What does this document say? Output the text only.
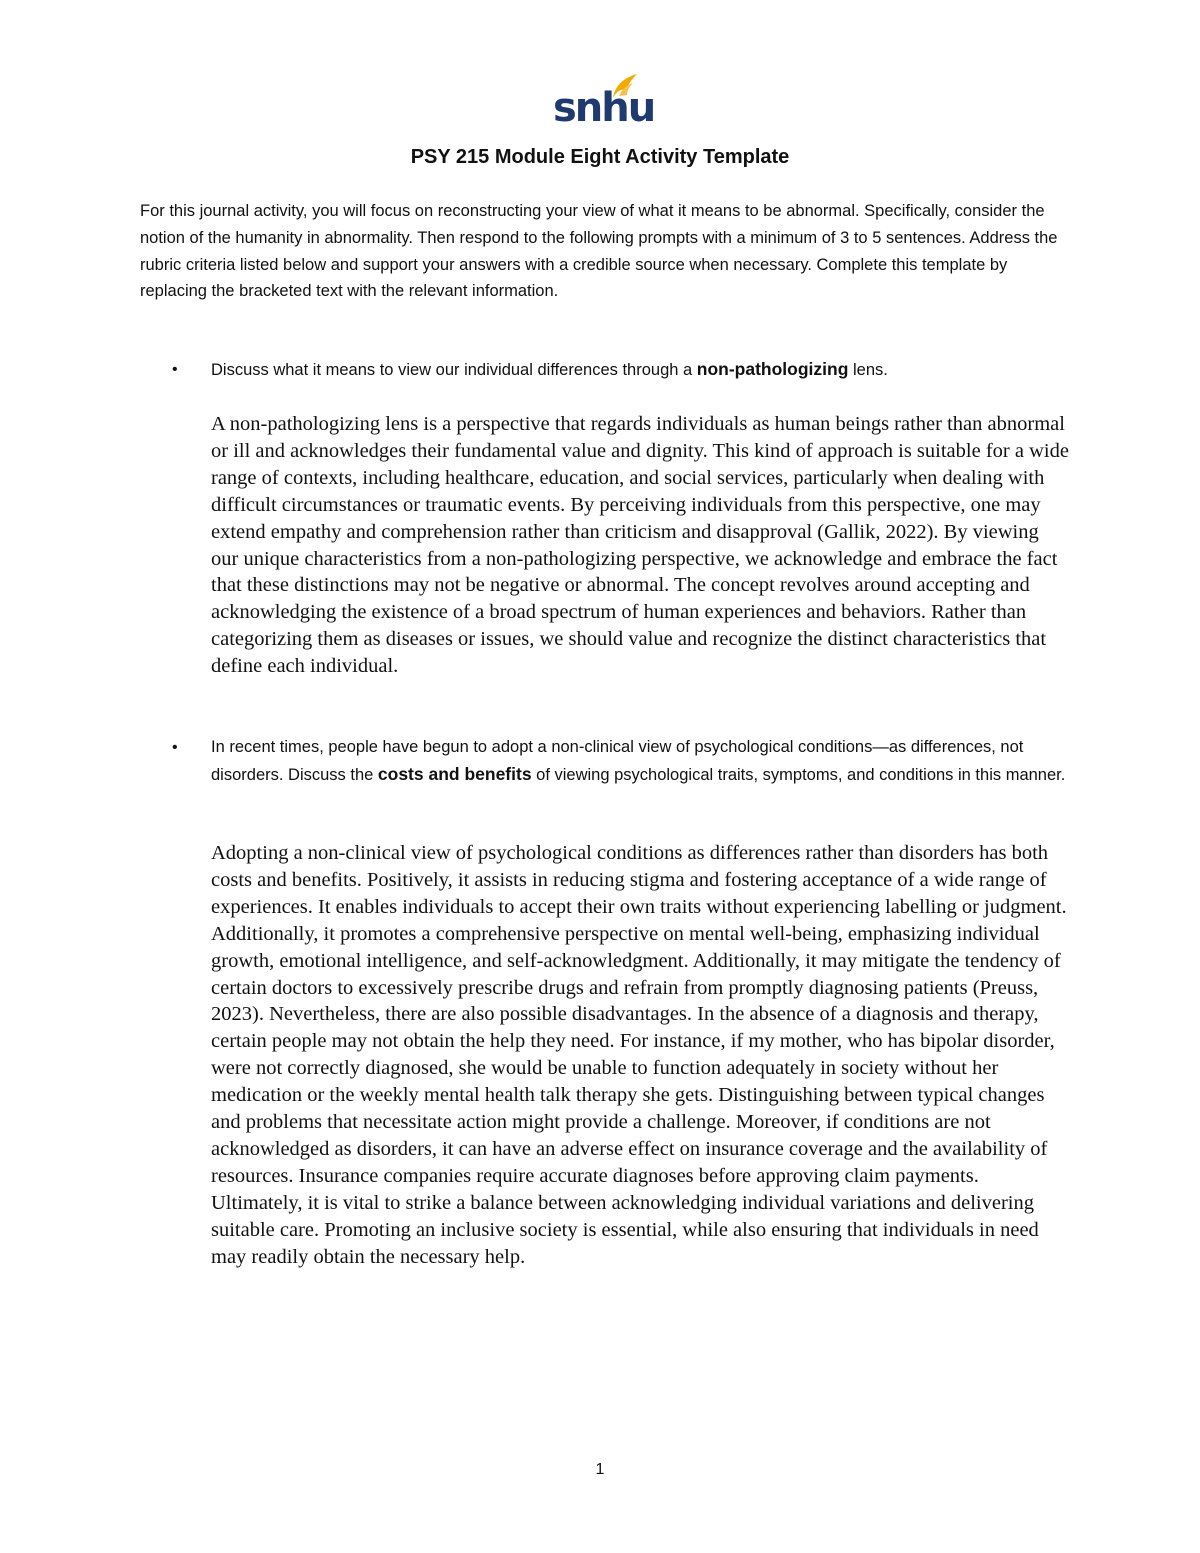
snhu
PSY 215 Module Eight Activity Template
For this journal activity, you will focus on reconstructing your view of what it means to be abnormal. Specifically, consider the notion of the humanity in abnormality. Then respond to the following prompts with a minimum of 3 to 5 sentences. Address the rubric criteria listed below and support your answers with a credible source when necessary. Complete this template by replacing the bracketed text with the relevant information.
• Discuss what it means to view our individual differences through a non-pathologizing lens.
A non-pathologizing lens is a perspective that regards individuals as human beings rather than abnormal or ill and acknowledges their fundamental value and dignity. This kind of approach is suitable for a wide range of contexts, including healthcare, education, and social services, particularly when dealing with difficult circumstances or traumatic events. By perceiving individuals from this perspective, one may extend empathy and comprehension rather than criticism and disapproval (Gallik, 2022). By viewing our unique characteristics from a non-pathologizing perspective, we acknowledge and embrace the fact that these distinctions may not be negative or abnormal. The concept revolves around accepting and acknowledging the existence of a broad spectrum of human experiences and behaviors. Rather than categorizing them as diseases or issues, we should value and recognize the distinct characteristics that define each individual.
• In recent times, people have begun to adopt a non-clinical view of psychological conditions—as differences, not disorders. Discuss the costs and benefits of viewing psychological traits, symptoms, and conditions in this manner.
Adopting a non-clinical view of psychological conditions as differences rather than disorders has both costs and benefits. Positively, it assists in reducing stigma and fostering acceptance of a wide range of experiences. It enables individuals to accept their own traits without experiencing labelling or judgment. Additionally, it promotes a comprehensive perspective on mental well-being, emphasizing individual growth, emotional intelligence, and self-acknowledgment. Additionally, it may mitigate the tendency of certain doctors to excessively prescribe drugs and refrain from promptly diagnosing patients (Preuss, 2023). Nevertheless, there are also possible disadvantages. In the absence of a diagnosis and therapy, certain people may not obtain the help they need. For instance, if my mother, who has bipolar disorder, were not correctly diagnosed, she would be unable to function adequately in society without her medication or the weekly mental health talk therapy she gets. Distinguishing between typical changes and problems that necessitate action might provide a challenge. Moreover, if conditions are not acknowledged as disorders, it can have an adverse effect on insurance coverage and the availability of resources. Insurance companies require accurate diagnoses before approving claim payments. Ultimately, it is vital to strike a balance between acknowledging individual variations and delivering suitable care. Promoting an inclusive society is essential, while also ensuring that individuals in need may readily obtain the necessary help.
1
